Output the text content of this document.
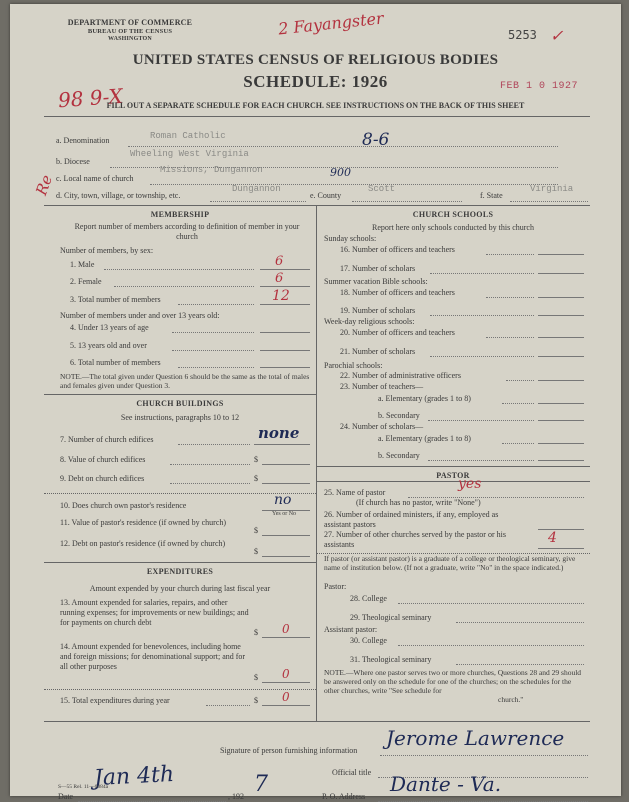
DEPARTMENT OF COMMERCE
BUREAU OF THE CENSUS
WASHINGTON
2 Fayangster	5253 ✓
UNITED STATES CENSUS OF RELIGIOUS BODIES
SCHEDULE: 1926	FEB 1 0 1927
98 9-X
FILL OUT A SEPARATE SCHEDULE FOR EACH CHURCH. SEE INSTRUCTIONS ON THE BACK OF THIS SHEET
a. Denomination	Roman Catholic	8-6
b. Diocese
Wheeling West Virginia
c. Local name of church
Missions, Dungannon	900
Re d. City, town, village, or township, etc.
Dungannon
e. County
Scott
f. State
Virginia
MEMBERSHIP
Report number of members according to definition of member in your church
Number of members, by sex:
1. Male	6
2. Female	6
3. Total number of members	12
Number of members under and over 13 years old:
4. Under 13 years of age
5. 13 years old and over
6. Total number of members
NOTE.—The total given under Question 6 should be the same as the total of males and females given under Question 3.
CHURCH BUILDINGS
See instructions, paragraphs 10 to 12
7. Number of church edifices	none
8. Value of church edifices	$
9. Debt on church edifices	$
10. Does church own pastor's residence	no
Yes or No
11. Value of pastor's residence (if owned by church)
$
12. Debt on pastor's residence (if owned by church)
$
EXPENDITURES
Amount expended by your church during last fiscal year
13. Amount expended for salaries, repairs, and other running expenses; for improvements or new buildings; and for payments on church debt
$ 0
14. Amount expended for benevolences, including home and foreign missions; for denominational support; and for all other purposes
$ 0
15. Total expenditures during year	$ 0
CHURCH SCHOOLS
Report here only schools conducted by this church
Sunday schools:
16. Number of officers and teachers
17. Number of scholars
Summer vacation Bible schools:
18. Number of officers and teachers
19. Number of scholars
Week-day religious schools:
20. Number of officers and teachers
21. Number of scholars
Parochial schools:
22. Number of administrative officers
23. Number of teachers—
a. Elementary (grades 1 to 8)
b. Secondary
24. Number of scholars—
a. Elementary (grades 1 to 8)
b. Secondary
PASTOR
25. Name of pastor
yes
(If church has no pastor, write "None")
26. Number of ordained ministers, if any, employed as assistant pastors
27. Number of other churches served by the pastor or his assistants	4
If pastor (or assistant pastor) is a graduate of a college or theological seminary, give name of institution below. (If not a graduate, write "No" in the space indicated.)
Pastor:
28. College
29. Theological seminary
Assistant pastor:
30. College
31. Theological seminary
NOTE.—Where one pastor serves two or more churches, Questions 28 and 29 should be answered only on the schedule for one of the churches; on the schedules for the other churches, write "See schedule for
church."
Signature of person furnishing information
Jerome Lawrence
Official title
Date
Jan 4th
, 192 7	P. O. Address
Dante - Va.
S—55 Rel. 11—6084a
